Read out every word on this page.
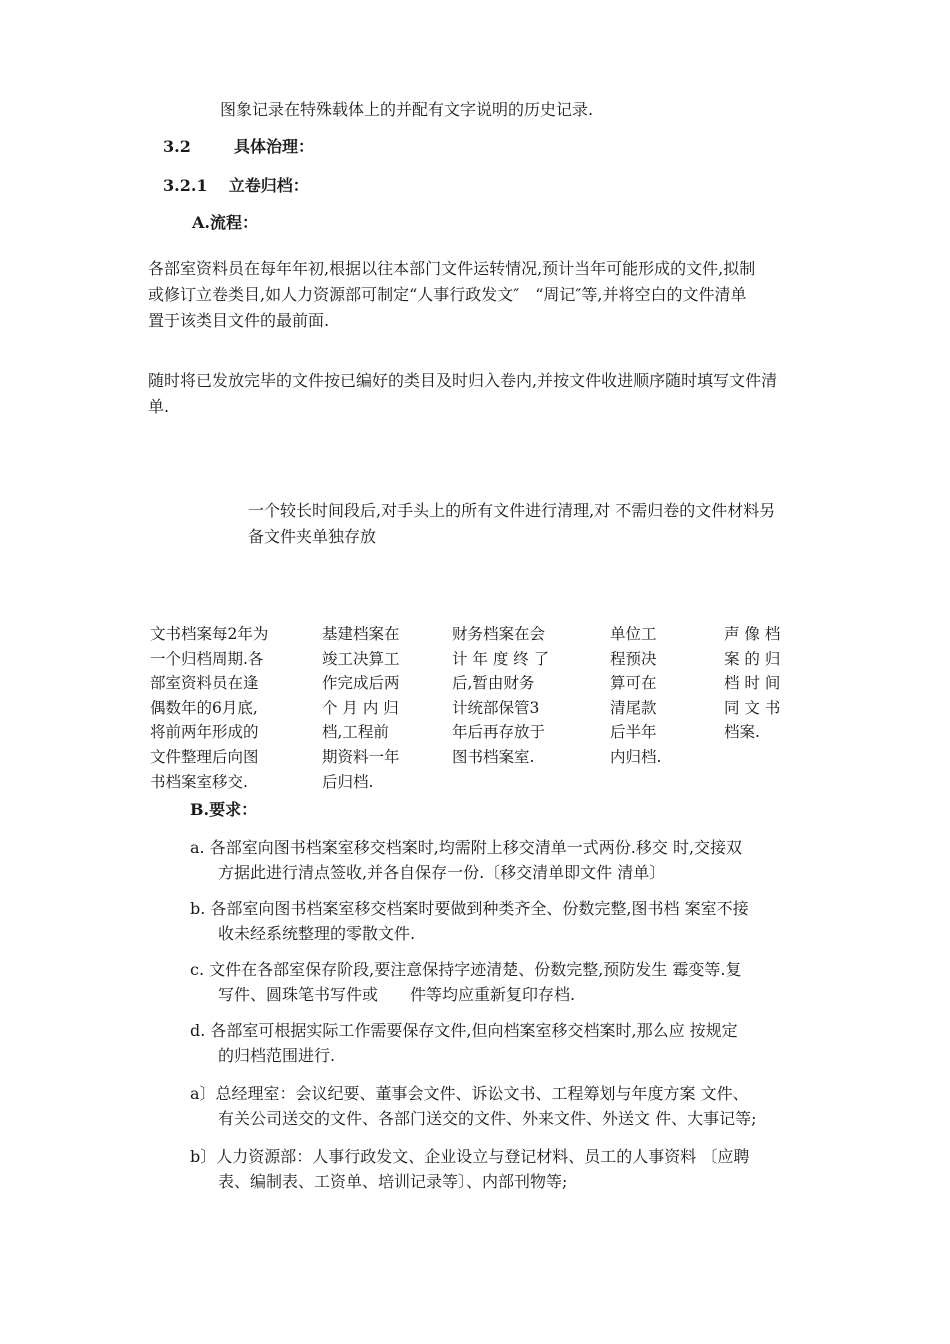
图象记录在特殊载体上的并配有文字说明的历史记录.
3.2	具体治理：
3.2.1 立卷归档：
A.流程：
各部室资料员在每年年初,根据以往本部门文件运转情况,预计当年可能形成的文件,拟制
或修订立卷类目,如人力资源部可制定“人事行政发文″　“周记″等,并将空白的文件清单
置于该类目文件的最前面.
随时将已发放完毕的文件按已编好的类目及时归入卷内,并按文件收进顺序随时填写文件清
单.
一个较长时间段后,对手头上的所有文件进行清理,对 不需归卷的文件材料另
备文件夹单独存放
文书档案每2年为
一个归档周期.各
部室资料员在逢
偶数年的6月底,
将前两年形成的
文件整理后向图
书档案室移交.
基建档案在
竣工决算工
作完成后两
个 月 内 归
档,工程前
期资料一年
后归档.
财务档案在会
计 年 度 终 了
后,暂由财务
计统部保管3
年后再存放于
图书档案室.
单位工
程预决
算可在
清尾款
后半年
内归档.
声 像 档
案 的 归
档 时 间
同 文 书
档案.
B.要求：
a. 各部室向图书档案室移交档案时,均需附上移交清单一式两份.移交 时,交接双
方据此进行清点签收,并各自保存一份.〔移交清单即文件 清单〕
b. 各部室向图书档案室移交档案时要做到种类齐全、份数完整,图书档 案室不接
收未经系统整理的零散文件.
c. 文件在各部室保存阶段,要注意保持字迹清楚、份数完整,预防发生 霉变等.复
写件、圆珠笔书写件或　　件等均应重新复印存档.
d. 各部室可根据实际工作需要保存文件,但向档案室移交档案时,那么应 按规定
的归档范围进行.
a〕总经理室：会议纪要、董事会文件、诉讼文书、工程筹划与年度方案 文件、
有关公司送交的文件、各部门送交的文件、外来文件、外送文 件、大事记等;
b〕人力资源部：人事行政发文、企业设立与登记材料、员工的人事资料 〔应聘
表、编制表、工资单、培训记录等〕、内部刊物等;
